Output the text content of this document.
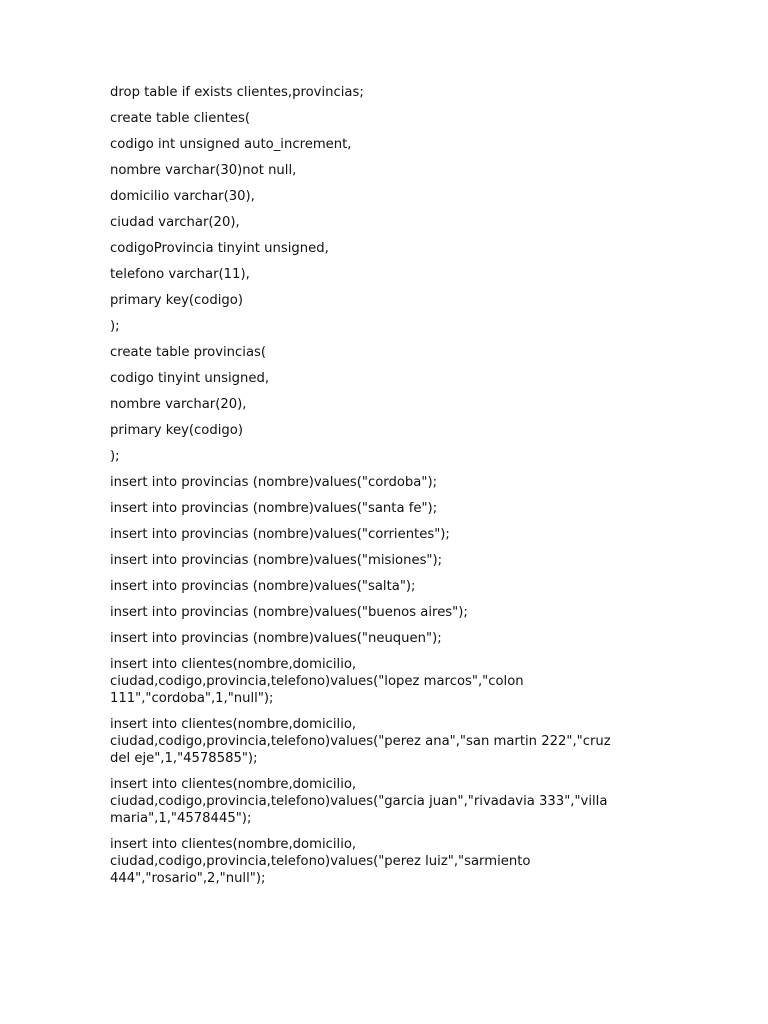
drop table if exists clientes,provincias;
create table clientes(
codigo int unsigned auto_increment,
nombre varchar(30)not null,
domicilio varchar(30),
ciudad varchar(20),
codigoProvincia tinyint unsigned,
telefono varchar(11),
primary key(codigo)
);
create table provincias(
codigo tinyint unsigned,
nombre varchar(20),
primary key(codigo)
);
insert into provincias (nombre)values("cordoba");
insert into provincias (nombre)values("santa fe");
insert into provincias (nombre)values("corrientes");
insert into provincias (nombre)values("misiones");
insert into provincias (nombre)values("salta");
insert into provincias (nombre)values("buenos aires");
insert into provincias (nombre)values("neuquen");
insert into clientes(nombre,domicilio,
ciudad,codigo,provincia,telefono)values("lopez marcos","colon
111","cordoba",1,"null");
insert into clientes(nombre,domicilio,
ciudad,codigo,provincia,telefono)values("perez ana","san martin 222","cruz
del eje",1,"4578585");
insert into clientes(nombre,domicilio,
ciudad,codigo,provincia,telefono)values("garcia juan","rivadavia 333","villa
maria",1,"4578445");
insert into clientes(nombre,domicilio,
ciudad,codigo,provincia,telefono)values("perez luiz","sarmiento
444","rosario",2,"null");
